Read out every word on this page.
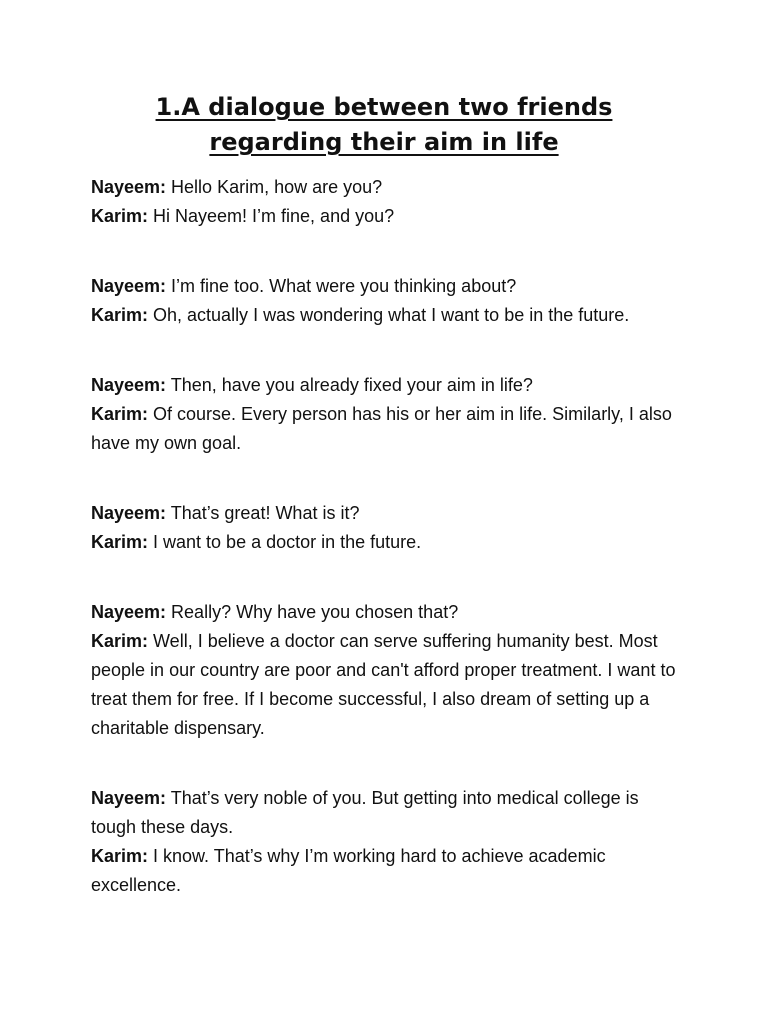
1.A dialogue between two friends
regarding their aim in life

Nayeem: Hello Karim, how are you?

Karim: Hi Nayeem! I’m fine, and you?

Nayeem: I’m fine too. What were you thinking about?

Karim: Oh, actually I was wondering what I want to be in the future.

Nayeem: Then, have you already fixed your aim in life?

Karim: Of course. Every person has his or her aim in life. Similarly, I also have my own goal.

Nayeem: That’s great! What is it?

Karim: I want to be a doctor in the future.

Nayeem: Really? Why have you chosen that?

Karim: Well, I believe a doctor can serve suffering humanity best. Most people in our country are poor and can't afford proper treatment. I want to treat them for free. If I become successful, I also dream of setting up a charitable dispensary.

Nayeem: That’s very noble of you. But getting into medical college is tough these days.

Karim: I know. That’s why I’m working hard to achieve academic excellence.
